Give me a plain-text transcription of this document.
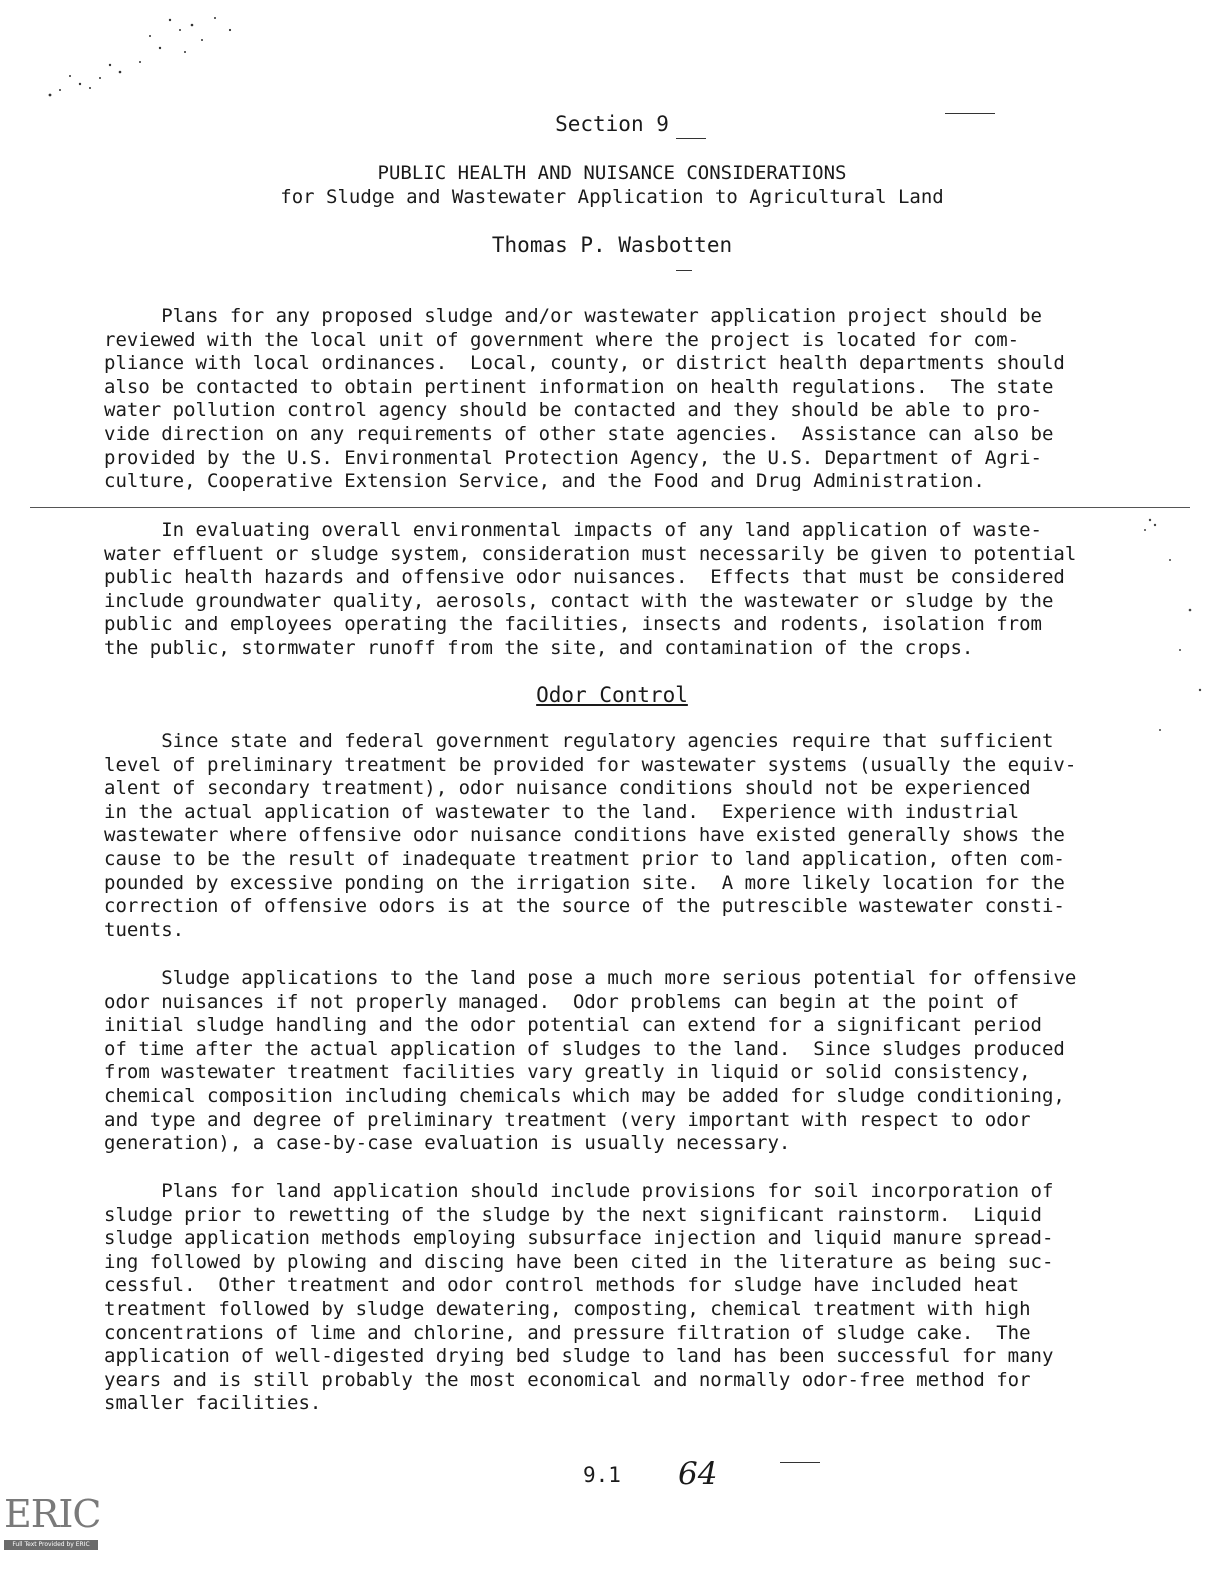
Section 9
PUBLIC HEALTH AND NUISANCE CONSIDERATIONS
for Sludge and Wastewater Application to Agricultural Land
Thomas P. Wasbotten
Plans for any proposed sludge and/or wastewater application project should be
reviewed with the local unit of government where the project is located for com-
pliance with local ordinances.  Local, county, or district health departments should
also be contacted to obtain pertinent information on health regulations.  The state
water pollution control agency should be contacted and they should be able to pro-
vide direction on any requirements of other state agencies.  Assistance can also be
provided by the U.S. Environmental Protection Agency, the U.S. Department of Agri-
culture, Cooperative Extension Service, and the Food and Drug Administration.
In evaluating overall environmental impacts of any land application of waste-
water effluent or sludge system, consideration must necessarily be given to potential
public health hazards and offensive odor nuisances.  Effects that must be considered
include groundwater quality, aerosols, contact with the wastewater or sludge by the
public and employees operating the facilities, insects and rodents, isolation from
the public, stormwater runoff from the site, and contamination of the crops.
Odor Control
Since state and federal government regulatory agencies require that sufficient
level of preliminary treatment be provided for wastewater systems (usually the equiv-
alent of secondary treatment), odor nuisance conditions should not be experienced
in the actual application of wastewater to the land.  Experience with industrial
wastewater where offensive odor nuisance conditions have existed generally shows the
cause to be the result of inadequate treatment prior to land application, often com-
pounded by excessive ponding on the irrigation site.  A more likely location for the
correction of offensive odors is at the source of the putrescible wastewater consti-
tuents.
Sludge applications to the land pose a much more serious potential for offensive
odor nuisances if not properly managed.  Odor problems can begin at the point of
initial sludge handling and the odor potential can extend for a significant period
of time after the actual application of sludges to the land.  Since sludges produced
from wastewater treatment facilities vary greatly in liquid or solid consistency,
chemical composition including chemicals which may be added for sludge conditioning,
and type and degree of preliminary treatment (very important with respect to odor
generation), a case-by-case evaluation is usually necessary.
Plans for land application should include provisions for soil incorporation of
sludge prior to rewetting of the sludge by the next significant rainstorm.  Liquid
sludge application methods employing subsurface injection and liquid manure spread-
ing followed by plowing and discing have been cited in the literature as being suc-
cessful.  Other treatment and odor control methods for sludge have included heat
treatment followed by sludge dewatering, composting, chemical treatment with high
concentrations of lime and chlorine, and pressure filtration of sludge cake.  The
application of well-digested drying bed sludge to land has been successful for many
years and is still probably the most economical and normally odor-free method for
smaller facilities.
9.1 64
ERIC
Full Text Provided by ERIC
